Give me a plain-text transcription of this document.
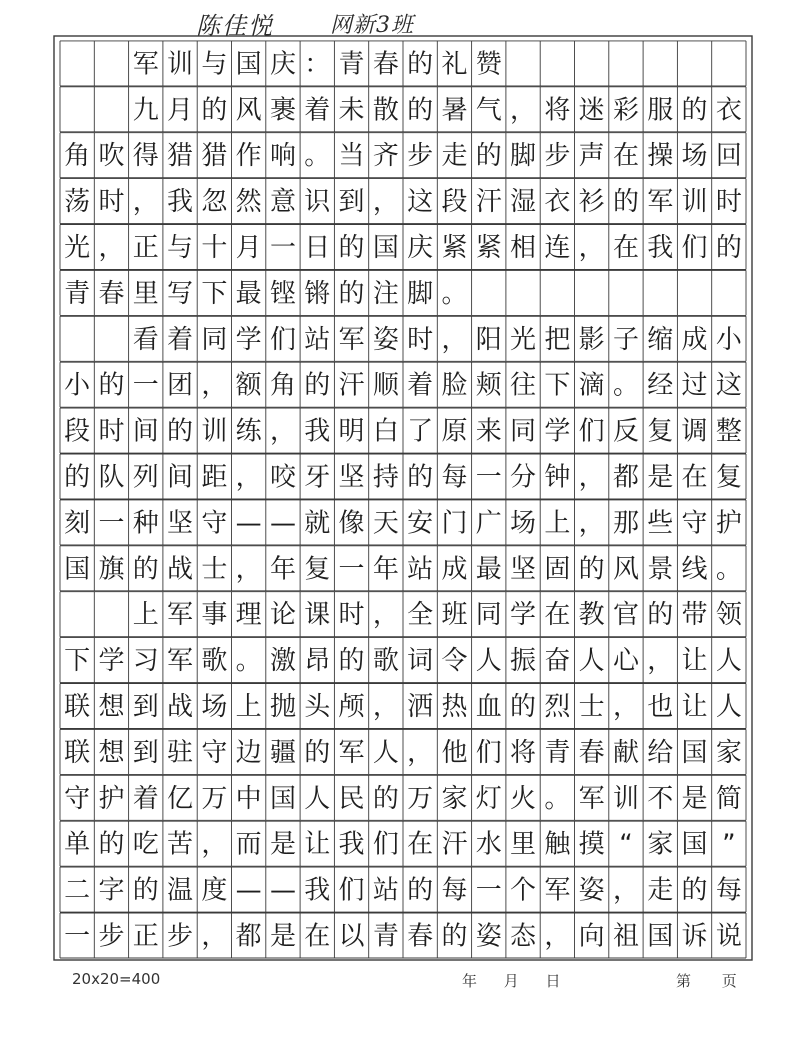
陈佳悦	网新3班
军 训 与 国 庆 ： 青 春 的 礼 赞
九 月 的 风 裹 着 未 散 的 暑 气 ， 将 迷 彩 服 的 衣
角 吹 得 猎 猎 作 响 。 当 齐 步 走 的 脚 步 声 在 操 场 回
荡 时 ， 我 忽 然 意 识 到 ， 这 段 汗 湿 衣 衫 的 军 训 时
光 ， 正 与 十 月 一 日 的 国 庆 紧 紧 相 连 ， 在 我 们 的
青 春 里 写 下 最 铿 锵 的 注 脚 。
看 着 同 学 们 站 军 姿 时 ， 阳 光 把 影 子 缩 成 小
小 的 一 团 ， 额 角 的 汗 顺 着 脸 颊 往 下 滴 。 经 过 这
段 时 间 的 训 练 ， 我 明 白 了 原 来 同 学 们 反 复 调 整
的 队 列 间 距 ， 咬 牙 坚 持 的 每 一 分 钟 ， 都 是 在 复
刻 一 种 坚 守 — — 就 像 天 安 门 广 场 上 ， 那 些 守 护
国 旗 的 战 士 ， 年 复 一 年 站 成 最 坚 固 的 风 景 线 。
上 军 事 理 论 课 时 ， 全 班 同 学 在 教 官 的 带 领
下 学 习 军 歌 。 激 昂 的 歌 词 令 人 振 奋 人 心 ， 让 人
联 想 到 战 场 上 抛 头 颅 ， 洒 热 血 的 烈 士 ， 也 让 人
联 想 到 驻 守 边 疆 的 军 人 ， 他 们 将 青 春 献 给 国 家
守 护 着 亿 万 中 国 人 民 的 万 家 灯 火 。 军 训 不 是 简
单 的 吃 苦 ， 而 是 让 我 们 在 汗 水 里 触 摸 “ 家 国 ”
二 字 的 温 度 — — 我 们 站 的 每 一 个 军 姿 ， 走 的 每
一 步 正 步 ， 都 是 在 以 青 春 的 姿 态 ， 向 祖 国 诉 说
20x20=400	年 月 日	第 页
